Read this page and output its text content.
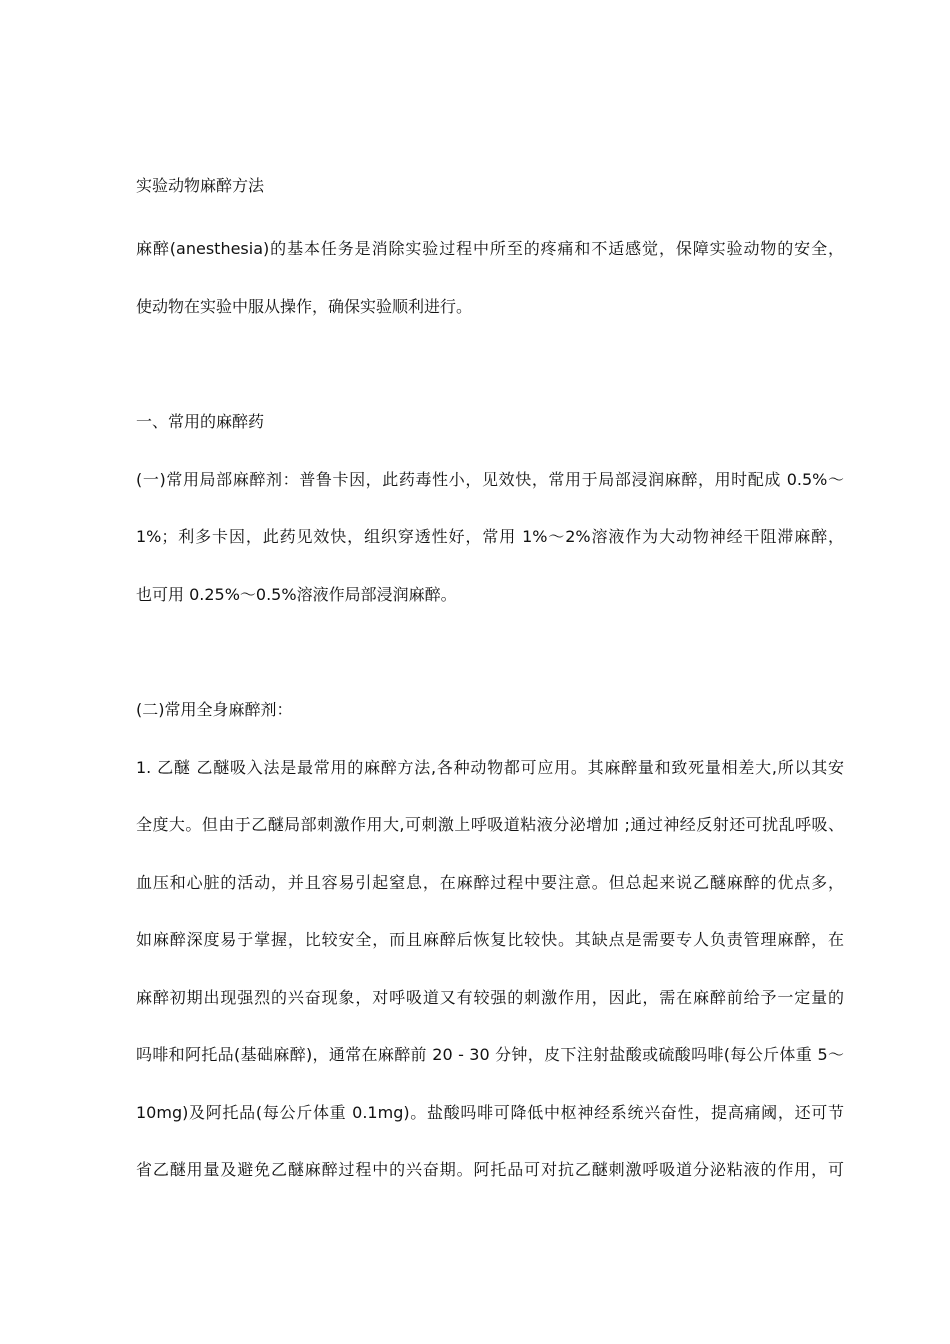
实验动物麻醉方法
麻醉(anesthesia)的基本任务是消除实验过程中所至的疼痛和不适感觉，保障实验动物的安全，
使动物在实验中服从操作，确保实验顺利进行。
一、常用的麻醉药
(一)常用局部麻醉剂：普鲁卡因，此药毒性小，见效快，常用于局部浸润麻醉，用时配成 0.5%～
1%；利多卡因，此药见效快，组织穿透性好，常用 1%～2%溶液作为大动物神经干阻滞麻醉，
也可用 0.25%～0.5%溶液作局部浸润麻醉。
(二)常用全身麻醉剂：
1. 乙醚 乙醚吸入法是最常用的麻醉方法,各种动物都可应用。其麻醉量和致死量相差大,所以其安
全度大。但由于乙醚局部刺激作用大,可刺激上呼吸道粘液分泌增加 ;通过神经反射还可扰乱呼吸、
血压和心脏的活动，并且容易引起窒息，在麻醉过程中要注意。但总起来说乙醚麻醉的优点多，
如麻醉深度易于掌握，比较安全，而且麻醉后恢复比较快。其缺点是需要专人负责管理麻醉，在
麻醉初期出现强烈的兴奋现象，对呼吸道又有较强的刺激作用，因此，需在麻醉前给予一定量的
吗啡和阿托品(基础麻醉)，通常在麻醉前 20 - 30 分钟，皮下注射盐酸或硫酸吗啡(每公斤体重 5～
10mg)及阿托品(每公斤体重 0.1mg)。盐酸吗啡可降低中枢神经系统兴奋性，提高痛阈，还可节
省乙醚用量及避免乙醚麻醉过程中的兴奋期。阿托品可对抗乙醚刺激呼吸道分泌粘液的作用，可
